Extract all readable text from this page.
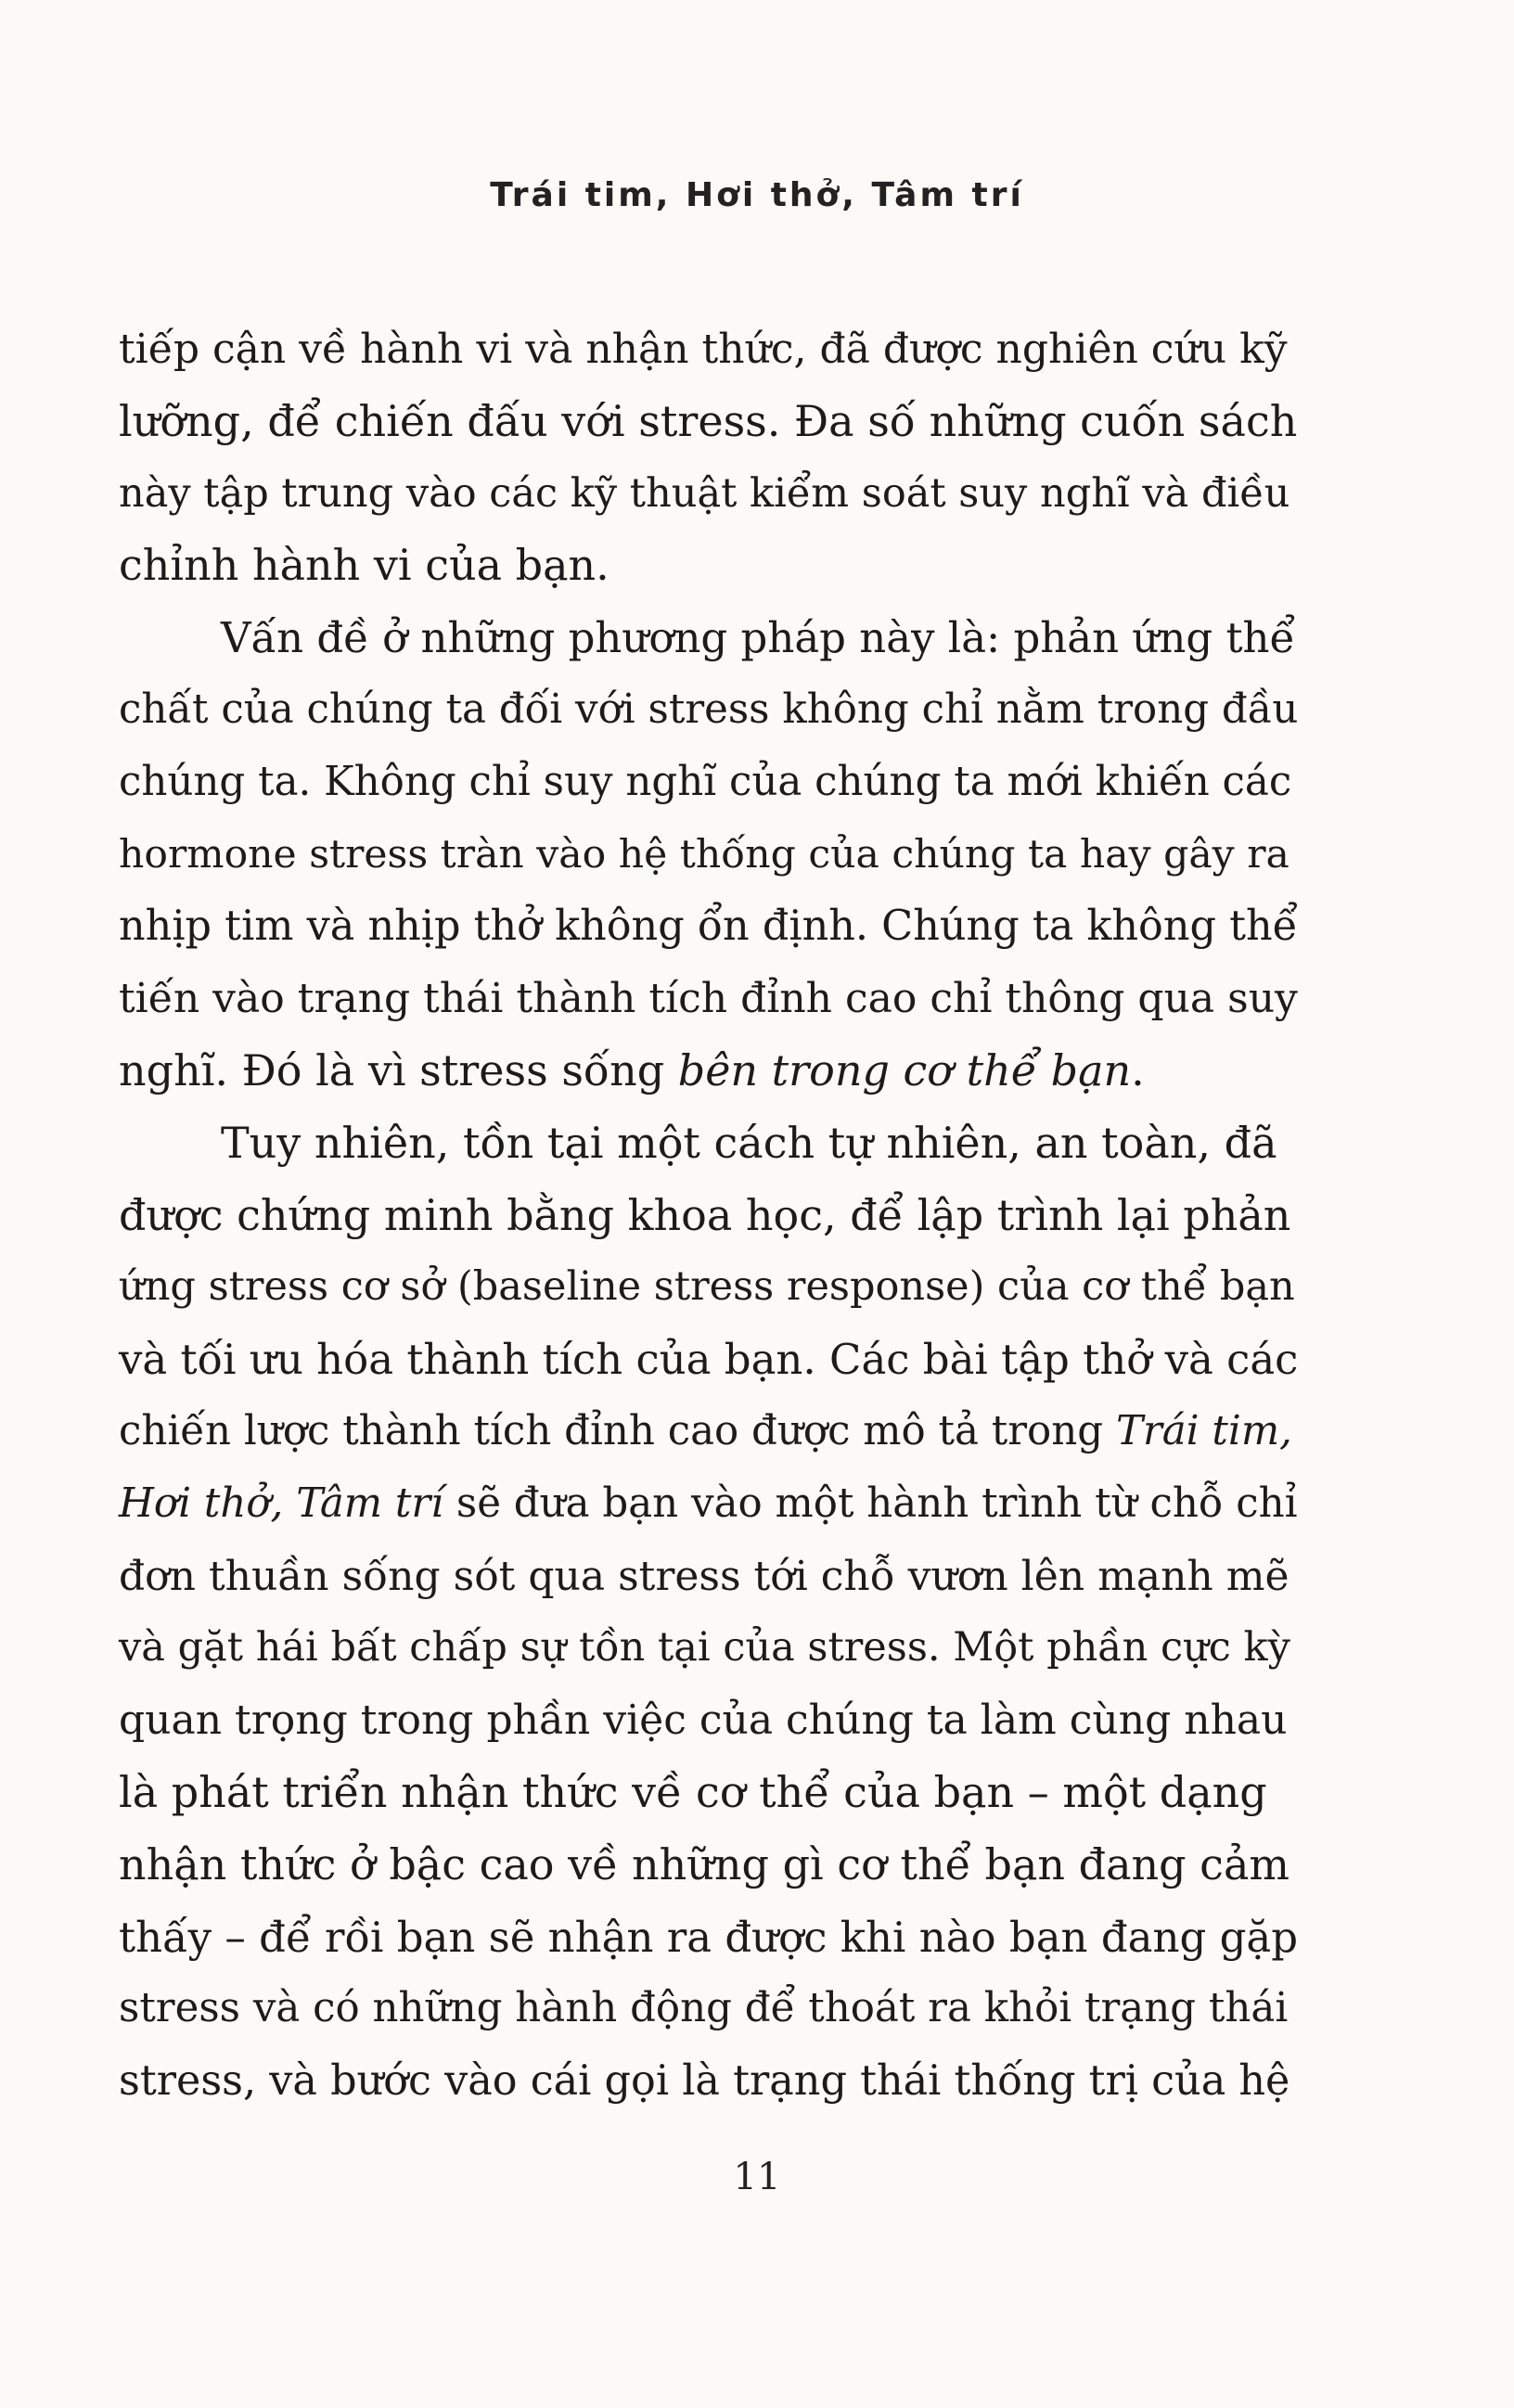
Trái tim, Hơi thở, Tâm trí
tiếp cận về hành vi và nhận thức, đã được nghiên cứu kỹ
lưỡng, để chiến đấu với stress. Đa số những cuốn sách
này tập trung vào các kỹ thuật kiểm soát suy nghĩ và điều
chỉnh hành vi của bạn.
Vấn đề ở những phương pháp này là: phản ứng thể
chất của chúng ta đối với stress không chỉ nằm trong đầu
chúng ta. Không chỉ suy nghĩ của chúng ta mới khiến các
hormone stress tràn vào hệ thống của chúng ta hay gây ra
nhịp tim và nhịp thở không ổn định. Chúng ta không thể
tiến vào trạng thái thành tích đỉnh cao chỉ thông qua suy
nghĩ. Đó là vì stress sống bên trong cơ thể bạn.
Tuy nhiên, tồn tại một cách tự nhiên, an toàn, đã
được chứng minh bằng khoa học, để lập trình lại phản
ứng stress cơ sở (baseline stress response) của cơ thể bạn
và tối ưu hóa thành tích của bạn. Các bài tập thở và các
chiến lược thành tích đỉnh cao được mô tả trong Trái tim,
Hơi thở, Tâm trí sẽ đưa bạn vào một hành trình từ chỗ chỉ
đơn thuần sống sót qua stress tới chỗ vươn lên mạnh mẽ
và gặt hái bất chấp sự tồn tại của stress. Một phần cực kỳ
quan trọng trong phần việc của chúng ta làm cùng nhau
là phát triển nhận thức về cơ thể của bạn – một dạng
nhận thức ở bậc cao về những gì cơ thể bạn đang cảm
thấy – để rồi bạn sẽ nhận ra được khi nào bạn đang gặp
stress và có những hành động để thoát ra khỏi trạng thái
stress, và bước vào cái gọi là trạng thái thống trị của hệ
11
